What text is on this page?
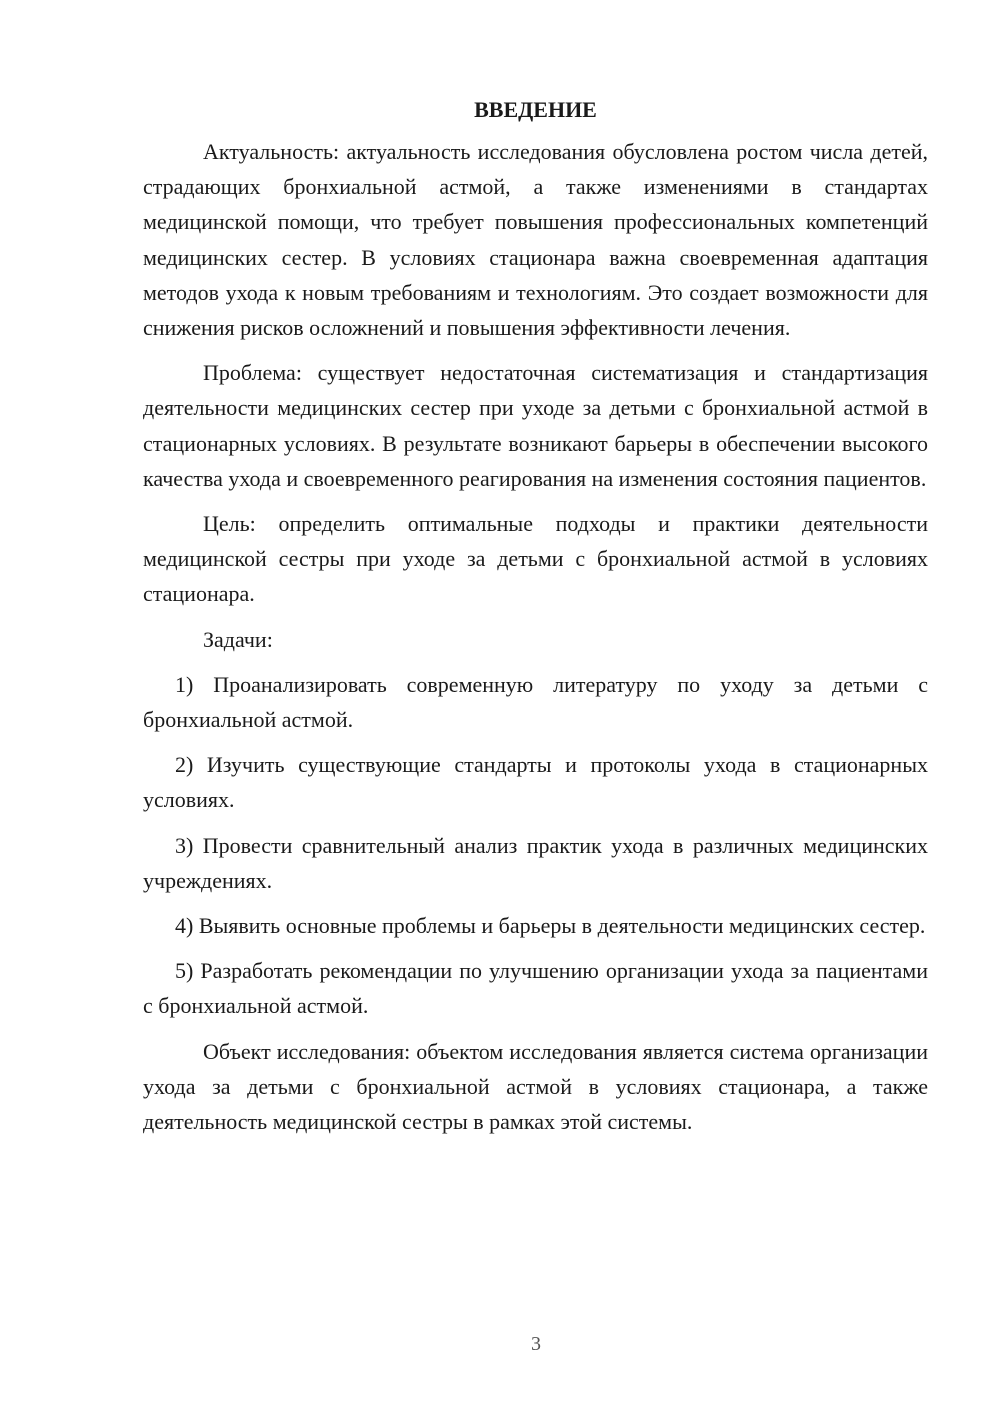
ВВЕДЕНИЕ

Актуальность: актуальность исследования обусловлена ростом числа детей, страдающих бронхиальной астмой, а также изменениями в стандартах медицинской помощи, что требует повышения профессиональных компетенций медицинских сестер. В условиях стационара важна своевременная адаптация методов ухода к новым требованиям и технологиям. Это создает возможности для снижения рисков осложнений и повышения эффективности лечения.

Проблема: существует недостаточная систематизация и стандартизация деятельности медицинских сестер при уходе за детьми с бронхиальной астмой в стационарных условиях. В результате возникают барьеры в обеспечении высокого качества ухода и своевременного реагирования на изменения состояния пациентов.

Цель: определить оптимальные подходы и практики деятельности медицинской сестры при уходе за детьми с бронхиальной астмой в условиях стационара.

Задачи:

1) Проанализировать современную литературу по уходу за детьми с бронхиальной астмой.

2) Изучить существующие стандарты и протоколы ухода в стационарных условиях.

3) Провести сравнительный анализ практик ухода в различных медицинских учреждениях.

4) Выявить основные проблемы и барьеры в деятельности медицинских сестер.

5) Разработать рекомендации по улучшению организации ухода за пациентами с бронхиальной астмой.

Объект исследования: объектом исследования является система организации ухода за детьми с бронхиальной астмой в условиях стационара, а также деятельность медицинской сестры в рамках этой системы.

3
